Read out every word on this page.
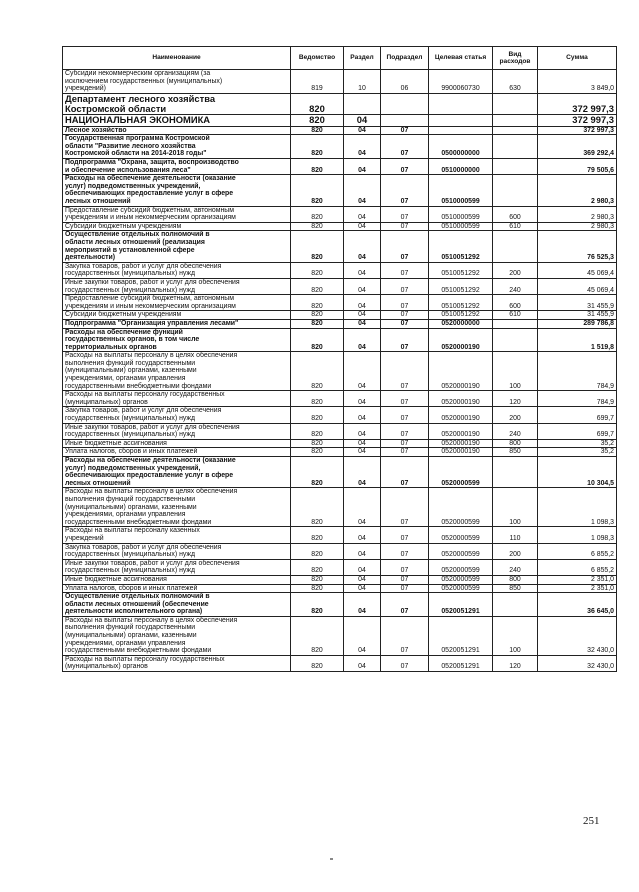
Наименование	Ведомство	Раздел	Подраздел	Целевая статья	Вид расходов	Сумма

Субсидии некоммерческим организациям (за
исключением государственных (муниципальных)
учреждений)	819	10	06	9900060730	630	3 849,0

Департамент лесного хозяйства
Костромской области	820					372 997,3

НАЦИОНАЛЬНАЯ ЭКОНОМИКА	820	04				372 997,3

Лесное хозяйство	820	04	07			372 997,3

Государственная программа Костромской
области "Развитие лесного хозяйства
Костромской области на 2014-2018 годы"	820	04	07	0500000000		369 292,4

Подпрограмма "Охрана, защита, воспроизводство
и обеспечение использования леса"	820	04	07	0510000000		79 505,6

Расходы на обеспечение деятельности (оказание
услуг) подведомственных учреждений,
обеспечивающих предоставление услуг в сфере
лесных отношений	820	04	07	0510000599		2 980,3

Предоставление субсидий бюджетным, автономным
учреждениям и иным некоммерческим организациям	820	04	07	0510000599	600	2 980,3

Субсидии бюджетным учреждениям	820	04	07	0510000599	610	2 980,3

Осуществление отдельных полномочий в
области лесных отношений (реализация
мероприятий в установленной сфере
деятельности)	820	04	07	0510051292		76 525,3

Закупка товаров, работ и услуг для обеспечения
государственных (муниципальных) нужд	820	04	07	0510051292	200	45 069,4

Иные закупки товаров, работ и услуг для обеспечения
государственных (муниципальных) нужд	820	04	07	0510051292	240	45 069,4

Предоставление субсидий бюджетным, автономным
учреждениям и иным некоммерческим организациям	820	04	07	0510051292	600	31 455,9

Субсидии бюджетным учреждениям	820	04	07	0510051292	610	31 455,9

Подпрограмма "Организация управления лесами"	820	04	07	0520000000		289 786,8

Расходы на обеспечение функций
государственных органов, в том числе
территориальных органов	820	04	07	0520000190		1 519,8

Расходы на выплаты персоналу в целях обеспечения
выполнения функций государственными
(муниципальными) органами, казенными
учреждениями, органами управления
государственными внебюджетными фондами	820	04	07	0520000190	100	784,9

Расходы на выплаты персоналу государственных
(муниципальных) органов	820	04	07	0520000190	120	784,9

Закупка товаров, работ и услуг для обеспечения
государственных (муниципальных) нужд	820	04	07	0520000190	200	699,7

Иные закупки товаров, работ и услуг для обеспечения
государственных (муниципальных) нужд	820	04	07	0520000190	240	699,7

Иные бюджетные ассигнования	820	04	07	0520000190	800	35,2

Уплата налогов, сборов и иных платежей	820	04	07	0520000190	850	35,2

Расходы на обеспечение деятельности (оказание
услуг) подведомственных учреждений,
обеспечивающих предоставление услуг в сфере
лесных отношений	820	04	07	0520000599		10 304,5

Расходы на выплаты персоналу в целях обеспечения
выполнения функций государственными
(муниципальными) органами, казенными
учреждениями, органами управления
государственными внебюджетными фондами	820	04	07	0520000599	100	1 098,3

Расходы на выплаты персоналу казенных
учреждений	820	04	07	0520000599	110	1 098,3

Закупка товаров, работ и услуг для обеспечения
государственных (муниципальных) нужд	820	04	07	0520000599	200	6 855,2

Иные закупки товаров, работ и услуг для обеспечения
государственных (муниципальных) нужд	820	04	07	0520000599	240	6 855,2

Иные бюджетные ассигнования	820	04	07	0520000599	800	2 351,0

Уплата налогов, сборов и иных платежей	820	04	07	0520000599	850	2 351,0

Осуществление отдельных полномочий в
области лесных отношений (обеспечение
деятельности исполнительного органа)	820	04	07	0520051291		36 645,0

Расходы на выплаты персоналу в целях обеспечения
выполнения функций государственными
(муниципальными) органами, казенными
учреждениями, органами управления
государственными внебюджетными фондами	820	04	07	0520051291	100	32 430,0

Расходы на выплаты персоналу государственных
(муниципальных) органов	820	04	07	0520051291	120	32 430,0
251
